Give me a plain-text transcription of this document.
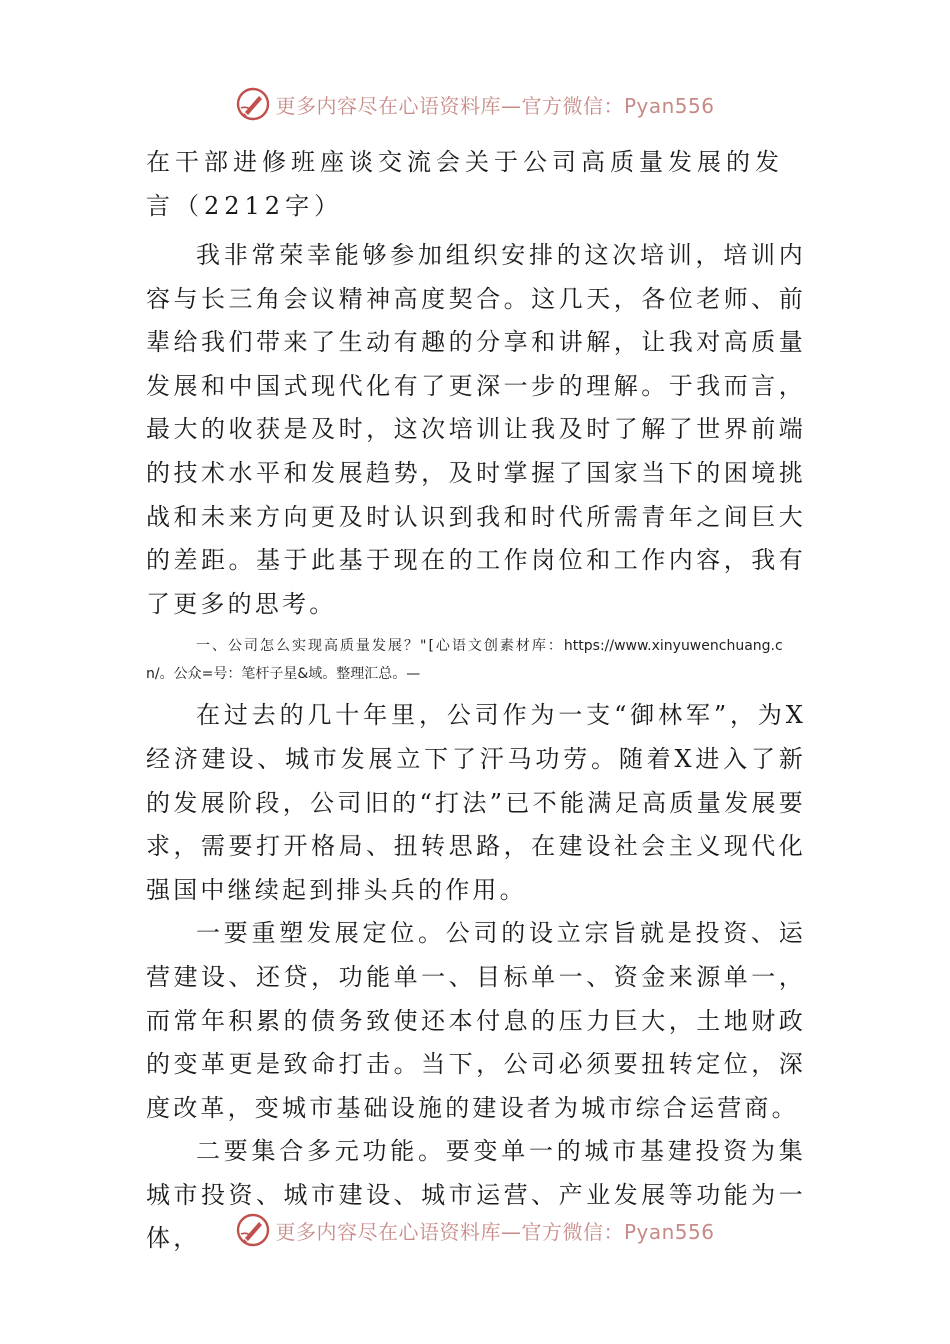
更多内容尽在心语资料库—官方微信：Pyan556
在干部进修班座谈交流会关于公司高质量发展的发言（2212字）

我非常荣幸能够参加组织安排的这次培训，培训内容与长三角会议精神高度契合。这几天，各位老师、前辈给我们带来了生动有趣的分享和讲解，让我对高质量发展和中国式现代化有了更深一步的理解。于我而言，最大的收获是及时，这次培训让我及时了解了世界前端的技术水平和发展趋势，及时掌握了国家当下的困境挑战和未来方向更及时认识到我和时代所需青年之间巨大的差距。基于此基于现在的工作岗位和工作内容，我有了更多的思考。

一、公司怎么实现高质量发展？"[心语文创素材库：https://www.xinyuwenchuang.cn/。公众=号：笔杆子星&域。整理汇总。—

在过去的几十年里，公司作为一支“御林军”，为X经济建设、城市发展立下了汗马功劳。随着X进入了新的发展阶段，公司旧的“打法”已不能满足高质量发展要求，需要打开格局、扭转思路，在建设社会主义现代化强国中继续起到排头兵的作用。

一要重塑发展定位。公司的设立宗旨就是投资、运营建设、还贷，功能单一、目标单一、资金来源单一，而常年积累的债务致使还本付息的压力巨大，土地财政的变革更是致命打击。当下，公司必须要扭转定位，深度改革，变城市基础设施的建设者为城市综合运营商。

二要集合多元功能。要变单一的城市基建投资为集城市投资、城市建设、城市运营、产业发展等功能为一体，	更多内容尽在心语资料库—官方微信：Pyan556
